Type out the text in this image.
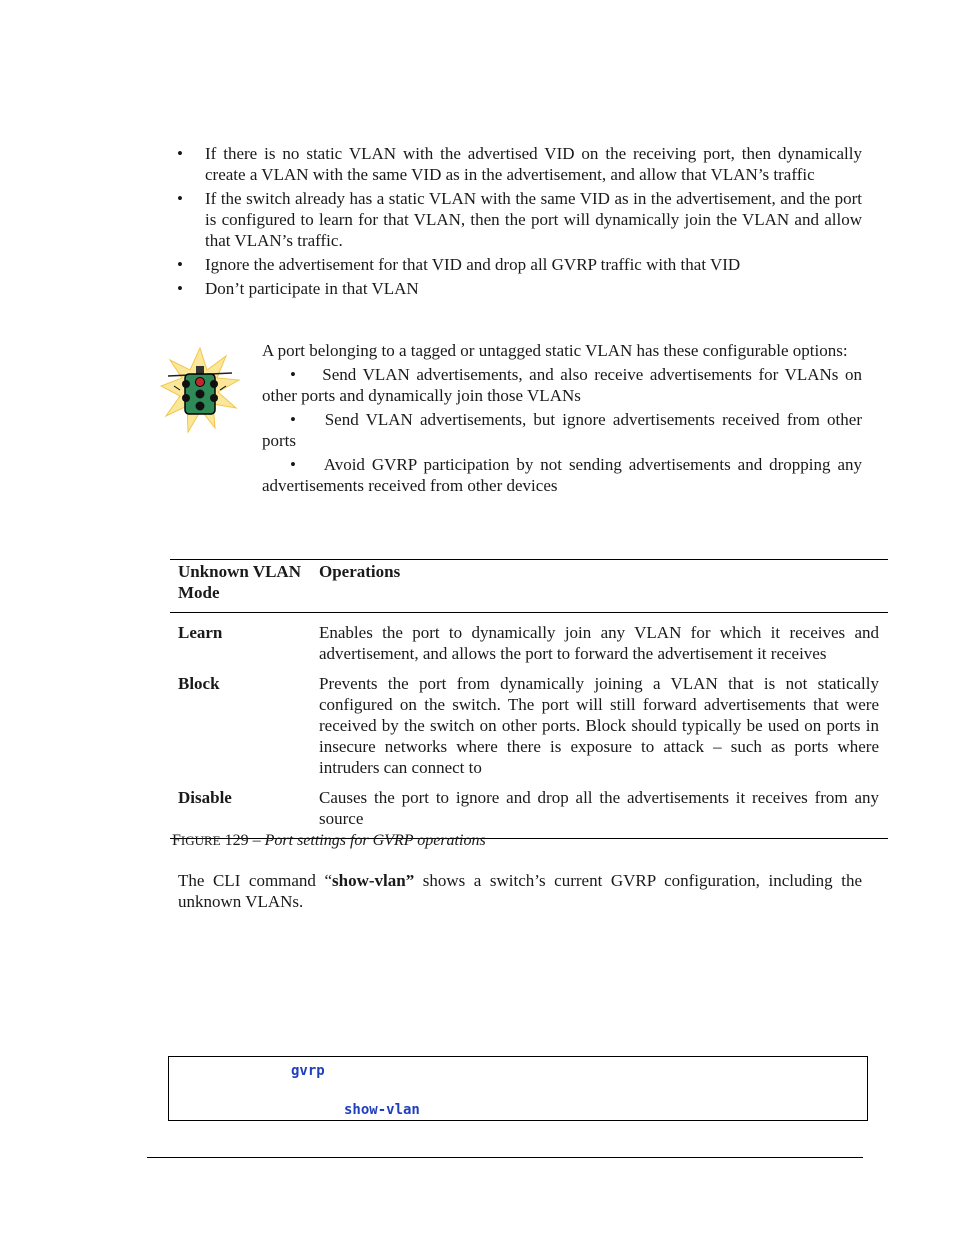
• If there is no static VLAN with the advertised VID on the receiving port, then dynamically create a VLAN with the same VID as in the advertisement, and allow that VLAN’s traffic
• If the switch already has a static VLAN with the same VID as in the advertisement, and the port is configured to learn for that VLAN, then the port will dynamically join the VLAN and allow that VLAN’s traffic.
• Ignore the advertisement for that VID and drop all GVRP traffic with that VID
• Don’t participate in that VLAN

A port belonging to a tagged or untagged static VLAN has these configurable options:

• Send VLAN advertisements, and also receive advertisements for VLANs on other ports and dynamically join those VLANs

• Send VLAN advertisements, but ignore advertisements received from other ports

• Avoid GVRP participation by not sending advertisements and dropping any advertisements received from other devices

Unknown VLAN Mode	Operations
Learn	Enables the port to dynamically join any VLAN for which it receives and advertisement, and allows the port to forward the advertisement it receives
Block	Prevents the port from dynamically joining a VLAN that is not statically configured on the switch. The port will still forward advertisements that were received by the switch on other ports. Block should typically be used on ports in insecure networks where there is exposure to attack – such as ports where intruders can connect to
Disable	Causes the port to ignore and drop all the advertisements it receives from any source
FIGURE 129 – Port settings for GVRP operations
The CLI command “show-vlan” shows a switch’s current GVRP configuration, including the unknown VLANs.
gvrp
show-vlan
